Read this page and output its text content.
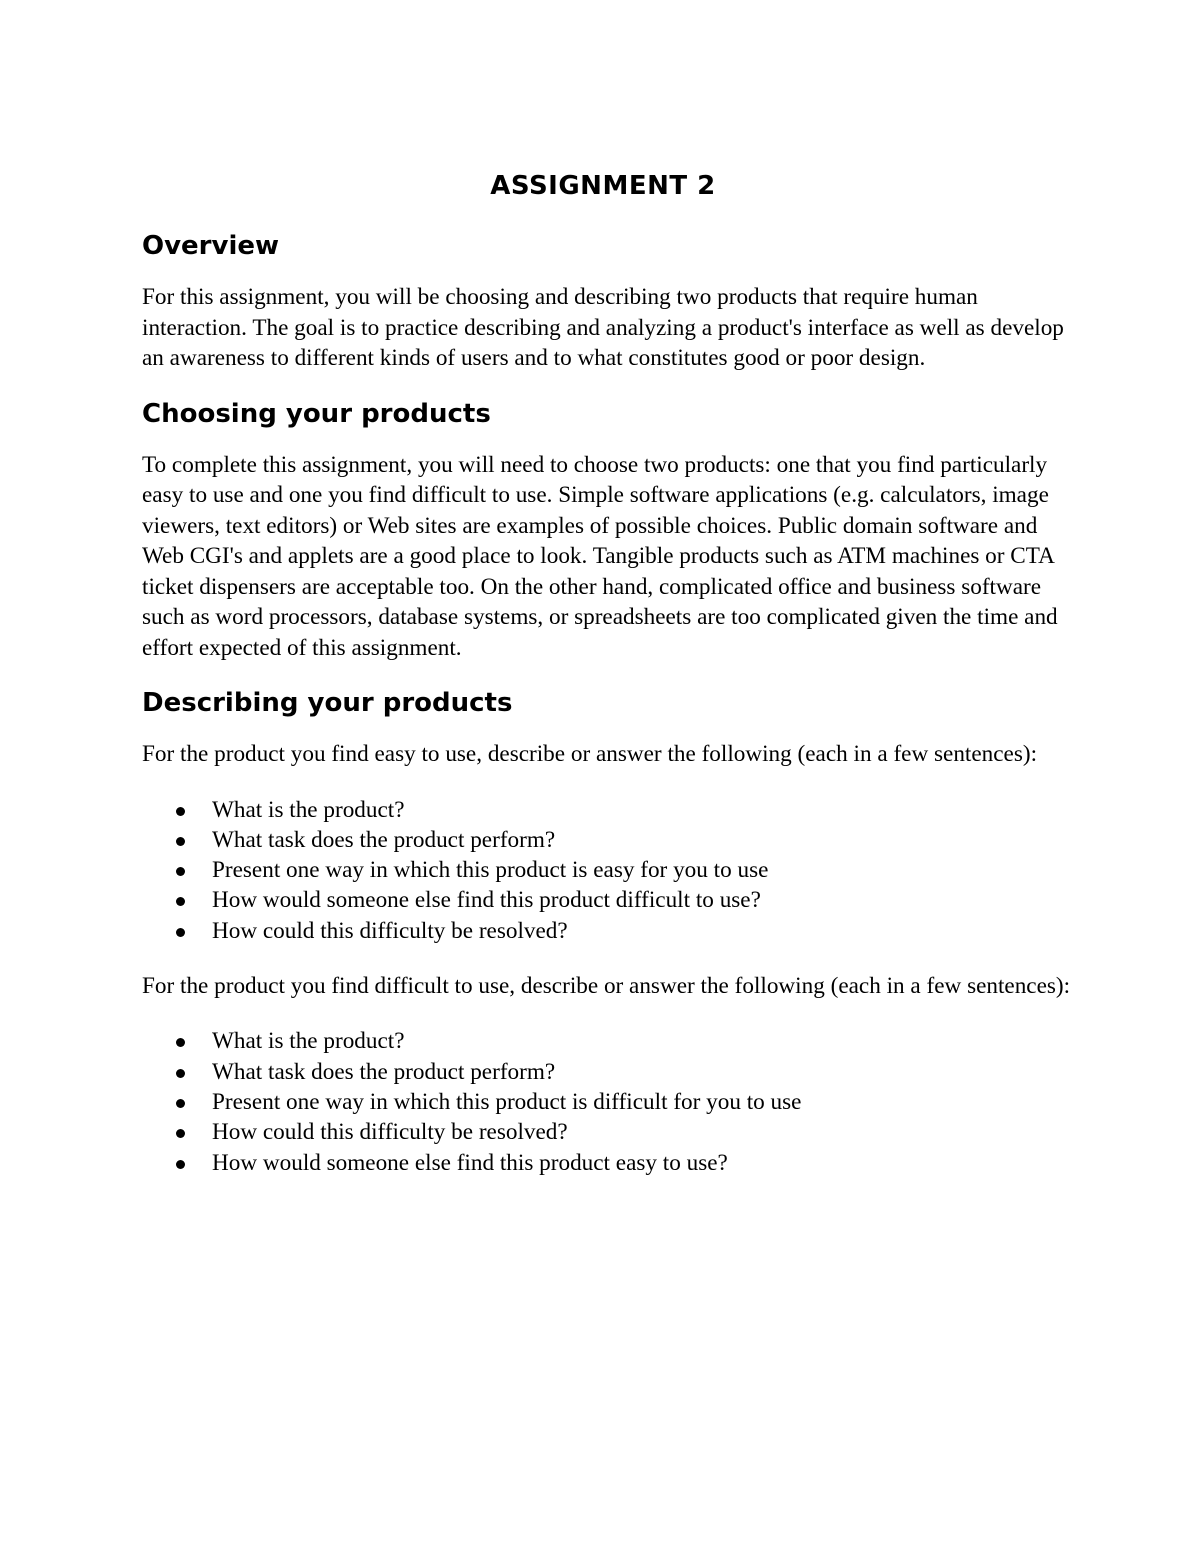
ASSIGNMENT 2
Overview

For this assignment, you will be choosing and describing two products that require human interaction. The goal is to practice describing and analyzing a product's interface as well as develop an awareness to different kinds of users and to what constitutes good or poor design.

Choosing your products

To complete this assignment, you will need to choose two products: one that you find particularly easy to use and one you find difficult to use. Simple software applications (e.g. calculators, image viewers, text editors) or Web sites are examples of possible choices. Public domain software and Web CGI's and applets are a good place to look. Tangible products such as ATM machines or CTA ticket dispensers are acceptable too. On the other hand, complicated office and business software such as word processors, database systems, or spreadsheets are too complicated given the time and effort expected of this assignment.

Describing your products

For the product you find easy to use, describe or answer the following (each in a few sentences):

What is the product?
What task does the product perform?
Present one way in which this product is easy for you to use
How would someone else find this product difficult to use?
How could this difficulty be resolved?

For the product you find difficult to use, describe or answer the following (each in a few sentences):

What is the product?
What task does the product perform?
Present one way in which this product is difficult for you to use
How could this difficulty be resolved?
How would someone else find this product easy to use?
